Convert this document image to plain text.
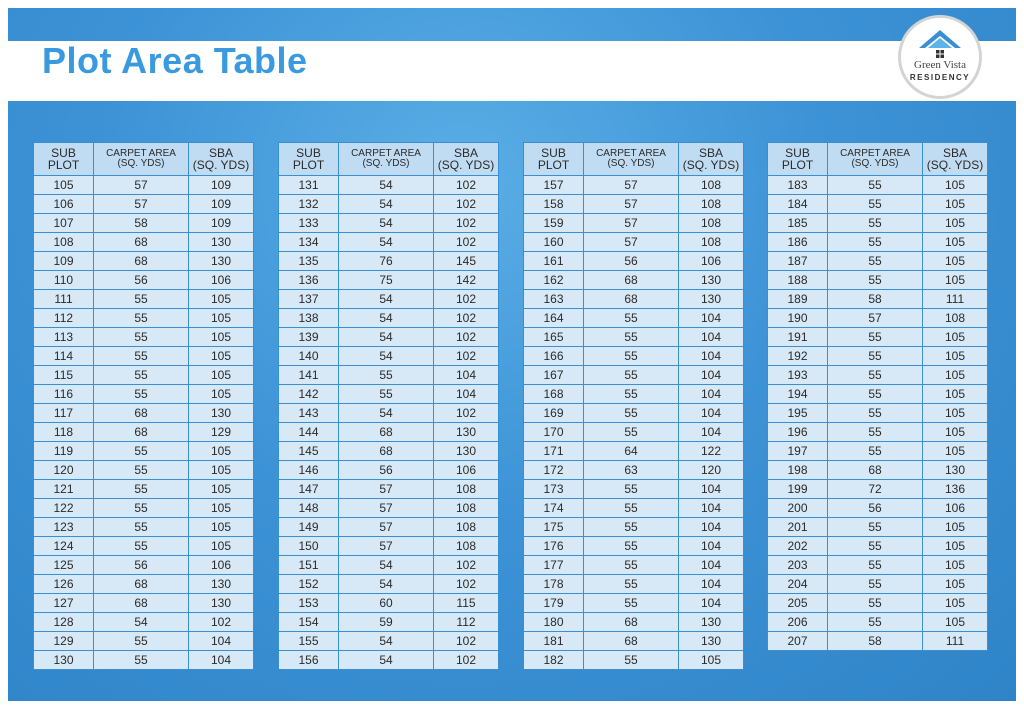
Plot Area Table	Green Vista
RESIDENCY
SUB
PLOT	CARPET AREA
(SQ. YDS)	SBA
(SQ. YDS)

105	57	109
106	57	109
107	58	109
108	68	130
109	68	130
110	56	106
111	55	105
112	55	105
113	55	105
114	55	105
115	55	105
116	55	105
117	68	130
118	68	129
119	55	105
120	55	105
121	55	105
122	55	105
123	55	105
124	55	105
125	56	106
126	68	130
127	68	130
128	54	102
129	55	104
130	55	104
SUB
PLOT	CARPET AREA
(SQ. YDS)	SBA
(SQ. YDS)

131	54	102
132	54	102
133	54	102
134	54	102
135	76	145
136	75	142
137	54	102
138	54	102
139	54	102
140	54	102
141	55	104
142	55	104
143	54	102
144	68	130
145	68	130
146	56	106
147	57	108
148	57	108
149	57	108
150	57	108
151	54	102
152	54	102
153	60	115
154	59	112
155	54	102
156	54	102
SUB
PLOT	CARPET AREA
(SQ. YDS)	SBA
(SQ. YDS)

157	57	108
158	57	108
159	57	108
160	57	108
161	56	106
162	68	130
163	68	130
164	55	104
165	55	104
166	55	104
167	55	104
168	55	104
169	55	104
170	55	104
171	64	122
172	63	120
173	55	104
174	55	104
175	55	104
176	55	104
177	55	104
178	55	104
179	55	104
180	68	130
181	68	130
182	55	105
SUB
PLOT	CARPET AREA
(SQ. YDS)	SBA
(SQ. YDS)

183	55	105
184	55	105
185	55	105
186	55	105
187	55	105
188	55	105
189	58	111
190	57	108
191	55	105
192	55	105
193	55	105
194	55	105
195	55	105
196	55	105
197	55	105
198	68	130
199	72	136
200	56	106
201	55	105
202	55	105
203	55	105
204	55	105
205	55	105
206	55	105
207	58	111
